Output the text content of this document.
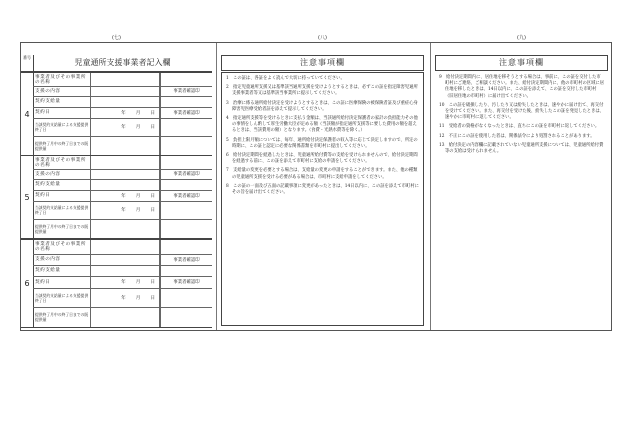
(七)
番号
児童通所支援事業者記入欄
4
事業者及びその事業所の名称
支援の内容	事業者確認印
契約支給量
契約日	年 月 日	事業者確認印
当該契約支給量による支援提供終了日	年 月 日
提供終了月中の終了日までの既提供量
5
事業者及びその事業所の名称
支援の内容	事業者確認印
契約支給量
契約日	年 月 日	事業者確認印
当該契約支給量による支援提供終了日	年 月 日
提供終了月中の終了日までの既提供量
6
事業者及びその事業所の名称
支援の内容	事業者確認印
契約支給量
契約日	年 月 日	事業者確認印
当該契約支給量による支援提供終了日	年 月 日
提供終了月中の終了日までの既提供量
(八)
注意事項欄

1　この証は、各証をよく読んで大切に持っていてください。

2　指定児童通所支援又は基準該当通所支援を受けようとするときは、必ずこの証を指定障害児通所支援事業者等又は基準該当事業所に提示してください。

3　治療に係る通所給付決定を受けようとするときは、この証に医療保険の被保険者証及び重症心身障害児医療受給者証を添えて提示してください。

4　指定通所支援等を受けるときに支払う金額は、当該通所給付決定保護者の家計の負担能力その他の事情をしん酌して厚生労働大臣が定める額（当該額が指定通所支援等に要した費用の額を超えるときは、当該費用の額）となります。（食費・光熱水費等を除く。）

5　負担上限月額については、毎年、通所給付決定保護者の収入等に応じて決定しますので、所定の時期に、この証と認定に必要な関係書類を市町村に提出してください。

6　給付決定期間を経過したときは、児童通所給付費等の支給を受けられませんので、給付決定期間を経過する前に、この証を添えて市町村に支給の申請をしてください。

7　支給量の変更を必要とする場合は、支給量の変更の申請をすることができます。また、他の種類の児童通所支援を受ける必要がある場合は、市町村に支給申請をしてください。

8　この証の一面及び五面の記載事項に変更があったときは、14日以内に、この証を添えて市町村にその旨を届け出てください。

(九)
注意事項欄

9　給付決定期間内に、居住地を移そうとする場合は、事前に、この証を交付した市町村にご連絡、ご相談ください。また、給付決定期間内に、他の市町村の区域に居住地を移したときは、14日以内に、この証を添えて、この証を交付した市町村（旧居住地の市町村）に届け出てください。

10　この証を破損したり、汚したり又は紛失したときは、速やかに届け出て、再交付を受けてください。また、再交付を受けた後、紛失したこの証を発見したときは、速やかに市町村に返してください。

11　受給者の資格がなくなったときは、直ちにこの証を市町村に返してください。

12　不正にこの証を使用した者は、関係法令により処罰されることがあります。

13　給付決定の内容欄に記載されていない児童通所支援については、児童通所給付費等の支給は受けられません。
